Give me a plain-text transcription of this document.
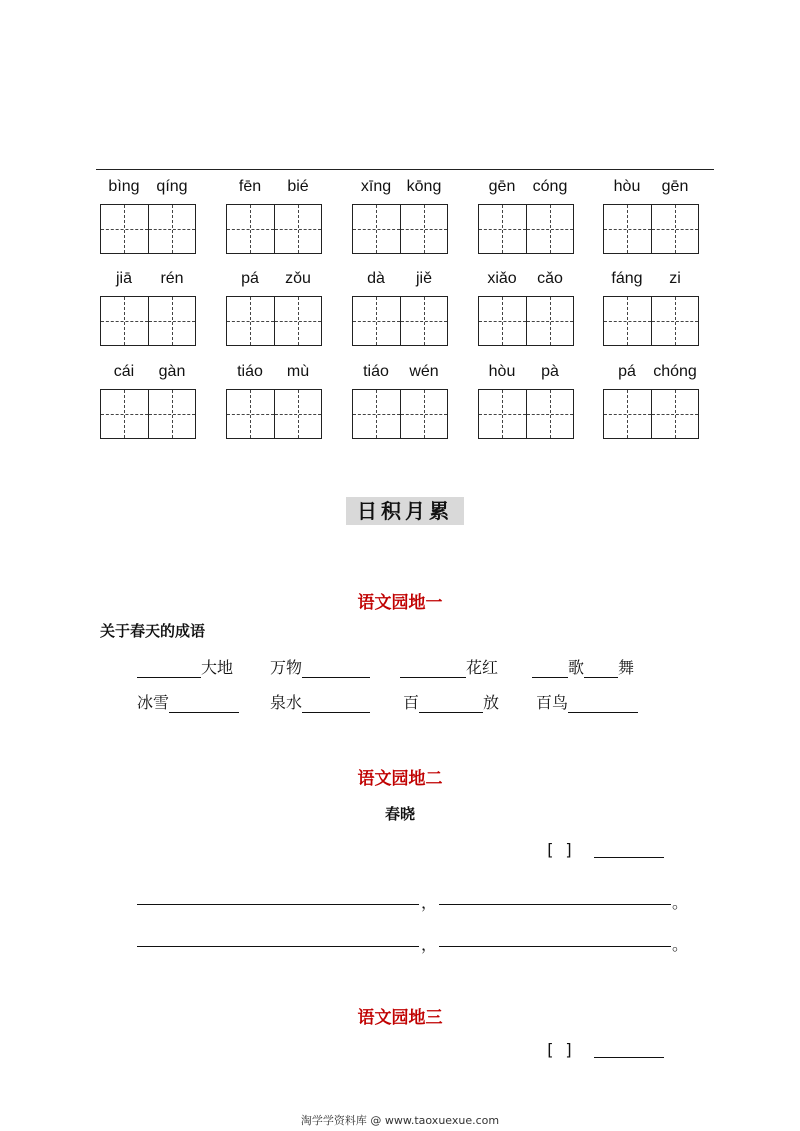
bìng	qíng	fēn	bié	xīng kōng	gēn	cóng	hòu	gēn
jiā	rén	pá	zǒu	dà	jiě	xiǎo	cǎo	fáng	zi
cái	gàn	tiáo	mù	tiáo	wén	hòu	pà	pá	chóng
日积月累
语文园地一
关于春天的成语
大地 万物	花红	歌 舞
冰雪	泉水	百	放 百鸟
语文园地二
春晓
[ ]
，	。
，	。
语文园地三
[ ]
淘学学资料库 @ www.taoxuexue.com
